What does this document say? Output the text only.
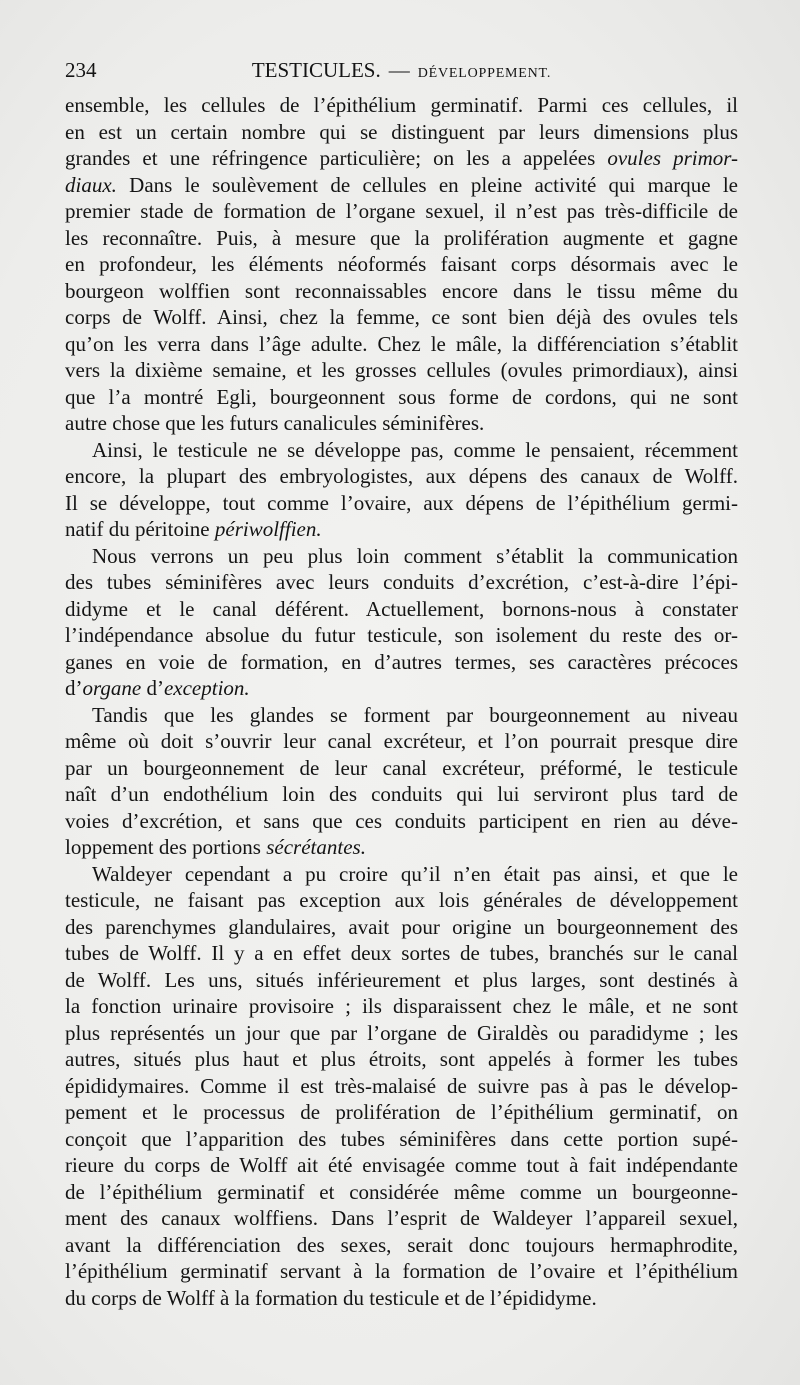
234	TESTICULES. — DÉVELOPPEMENT.
ensemble, les cellules de l’épithélium germinatif. Parmi ces cellules, il
en est un certain nombre qui se distinguent par leurs dimensions plus
grandes et une réfringence particulière; on les a appelées ovules primor-
diaux. Dans le soulèvement de cellules en pleine activité qui marque le
premier stade de formation de l’organe sexuel, il n’est pas très-difficile de
les reconnaître. Puis, à mesure que la prolifération augmente et gagne
en profondeur, les éléments néoformés faisant corps désormais avec le
bourgeon wolffien sont reconnaissables encore dans le tissu même du
corps de Wolff. Ainsi, chez la femme, ce sont bien déjà des ovules tels
qu’on les verra dans l’âge adulte. Chez le mâle, la différenciation s’établit
vers la dixième semaine, et les grosses cellules (ovules primordiaux), ainsi
que l’a montré Egli, bourgeonnent sous forme de cordons, qui ne sont
autre chose que les futurs canalicules séminifères.
Ainsi, le testicule ne se développe pas, comme le pensaient, récemment
encore, la plupart des embryologistes, aux dépens des canaux de Wolff.
Il se développe, tout comme l’ovaire, aux dépens de l’épithélium germi-
natif du péritoine périwolffien.
Nous verrons un peu plus loin comment s’établit la communication
des tubes séminifères avec leurs conduits d’excrétion, c’est-à-dire l’épi-
didyme et le canal déférent. Actuellement, bornons-nous à constater
l’indépendance absolue du futur testicule, son isolement du reste des or-
ganes en voie de formation, en d’autres termes, ses caractères précoces
d’organe d’exception.
Tandis que les glandes se forment par bourgeonnement au niveau
même où doit s’ouvrir leur canal excréteur, et l’on pourrait presque dire
par un bourgeonnement de leur canal excréteur, préformé, le testicule
naît d’un endothélium loin des conduits qui lui serviront plus tard de
voies d’excrétion, et sans que ces conduits participent en rien au déve-
loppement des portions sécrétantes.
Waldeyer cependant a pu croire qu’il n’en était pas ainsi, et que le
testicule, ne faisant pas exception aux lois générales de développement
des parenchymes glandulaires, avait pour origine un bourgeonnement des
tubes de Wolff. Il y a en effet deux sortes de tubes, branchés sur le canal
de Wolff. Les uns, situés inférieurement et plus larges, sont destinés à
la fonction urinaire provisoire ; ils disparaissent chez le mâle, et ne sont
plus représentés un jour que par l’organe de Giraldès ou paradidyme ; les
autres, situés plus haut et plus étroits, sont appelés à former les tubes
épididymaires. Comme il est très-malaisé de suivre pas à pas le dévelop-
pement et le processus de prolifération de l’épithélium germinatif, on
conçoit que l’apparition des tubes séminifères dans cette portion supé-
rieure du corps de Wolff ait été envisagée comme tout à fait indépendante
de l’épithélium germinatif et considérée même comme un bourgeonne-
ment des canaux wolffiens. Dans l’esprit de Waldeyer l’appareil sexuel,
avant la différenciation des sexes, serait donc toujours hermaphrodite,
l’épithélium germinatif servant à la formation de l’ovaire et l’épithélium
du corps de Wolff à la formation du testicule et de l’épididyme.
